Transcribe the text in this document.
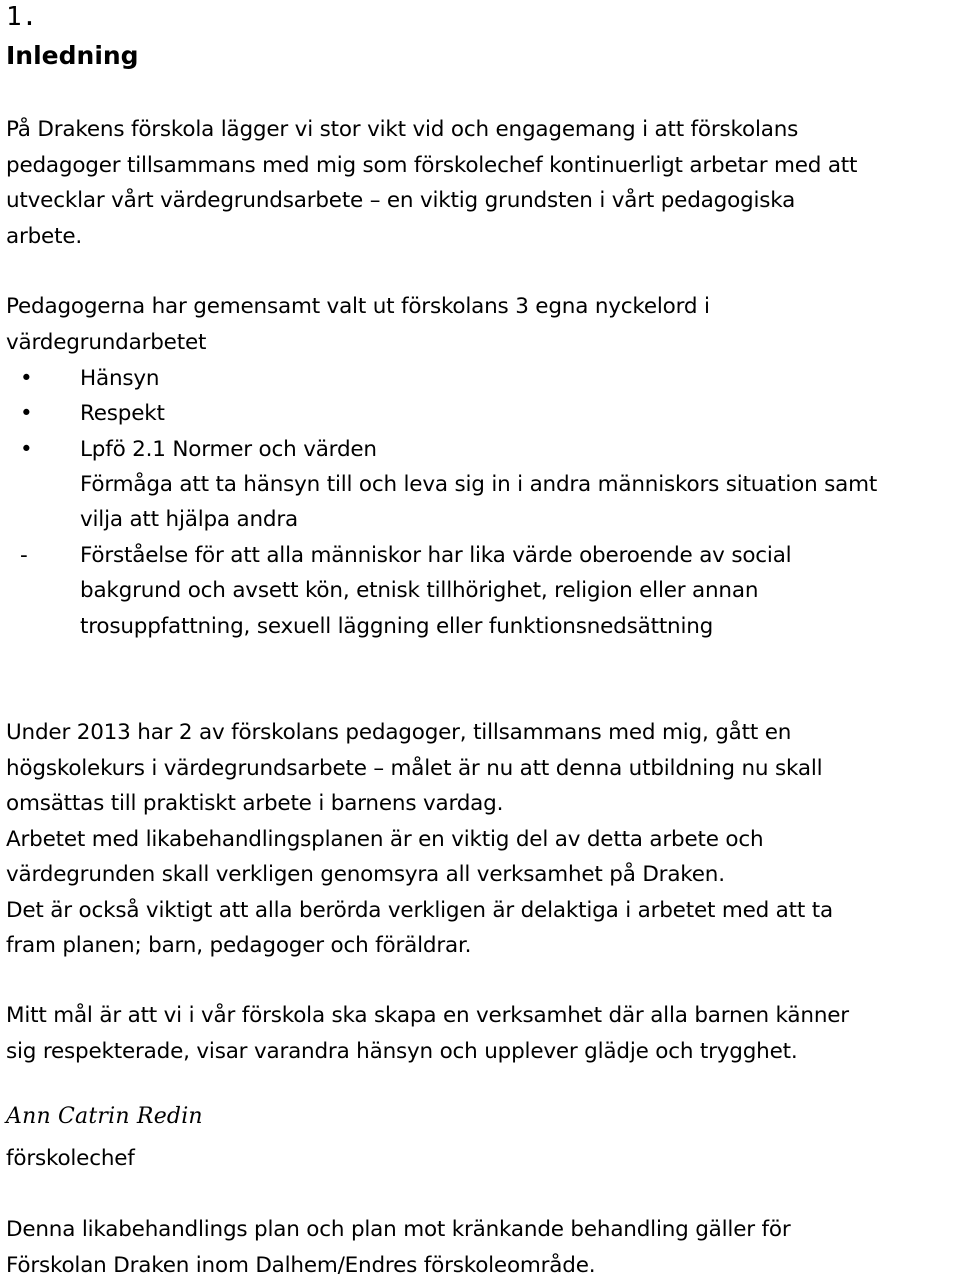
1.
Inledning
På Drakens förskola lägger vi stor vikt vid och engagemang i att förskolans
pedagoger tillsammans med mig som förskolechef kontinuerligt arbetar med att
utvecklar vårt värdegrundsarbete – en viktig grundsten i vårt pedagogiska
arbete.
Pedagogerna har gemensamt valt ut förskolans 3 egna nyckelord i
värdegrundarbetet
•	Hänsyn
•	Respekt
•	Lpfö 2.1 Normer och värden
Förmåga att ta hänsyn till och leva sig in i andra människors situation samt
vilja att hjälpa andra
-	Förståelse för att alla människor har lika värde oberoende av social
bakgrund och avsett kön, etnisk tillhörighet, religion eller annan
trosuppfattning, sexuell läggning eller funktionsnedsättning
Under 2013 har 2 av förskolans pedagoger, tillsammans med mig, gått en
högskolekurs i värdegrundsarbete – målet är nu att denna utbildning nu skall
omsättas till praktiskt arbete i barnens vardag.
Arbetet med likabehandlingsplanen är en viktig del av detta arbete och
värdegrunden skall verkligen genomsyra all verksamhet på Draken.
Det är också viktigt att alla berörda verkligen är delaktiga i arbetet med att ta
fram planen; barn, pedagoger och föräldrar.
Mitt mål är att vi i vår förskola ska skapa en verksamhet där alla barnen känner
sig respekterade, visar varandra hänsyn och upplever glädje och trygghet.
Ann Catrin Redin
förskolechef
Denna likabehandlings plan och plan mot kränkande behandling gäller för
Förskolan Draken inom Dalhem/Endres förskoleområde.
